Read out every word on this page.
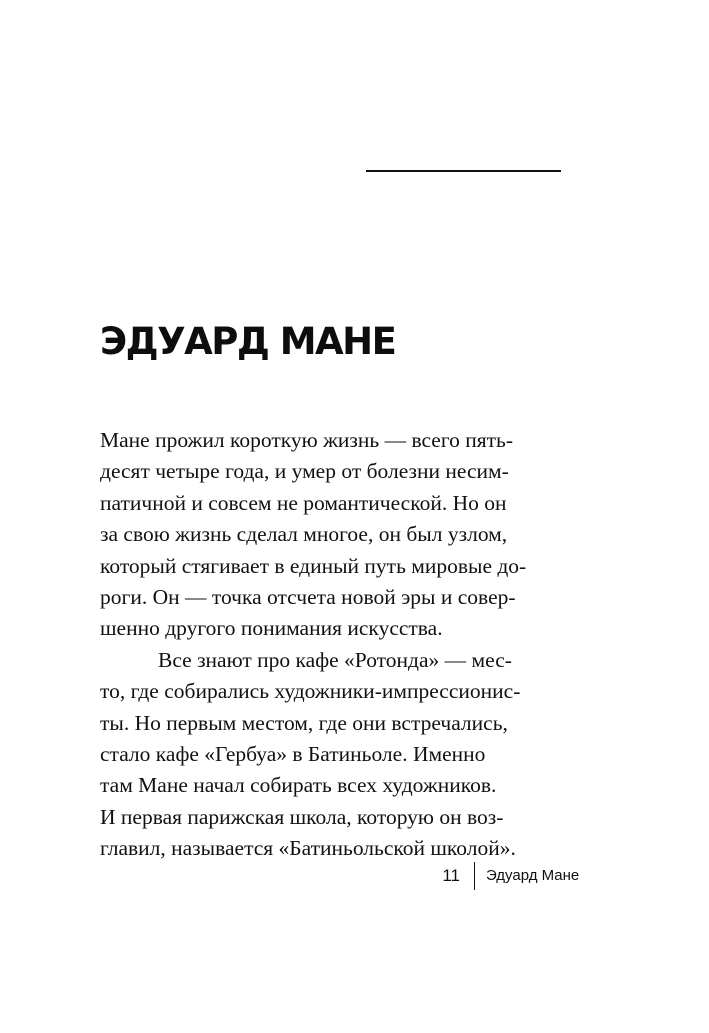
ЭДУАРД МАНЕ
Мане прожил короткую жизнь — всего пять-
десят четыре года, и умер от болезни несим-
патичной и совсем не романтической. Но он
за свою жизнь сделал многое, он был узлом,
который стягивает в единый путь мировые до-
роги. Он — точка отсчета новой эры и совер-
шенно другого понимания искусства.
Все знают про кафе «Ротонда» — мес-
то, где собирались художники-импрессионис-
ты. Но первым местом, где они встречались,
стало кафе «Гербуа» в Батиньоле. Именно
там Мане начал собирать всех художников.
И первая парижская школа, которую он воз-
главил, называется «Батиньольской школой».
11 Эдуард Мане
